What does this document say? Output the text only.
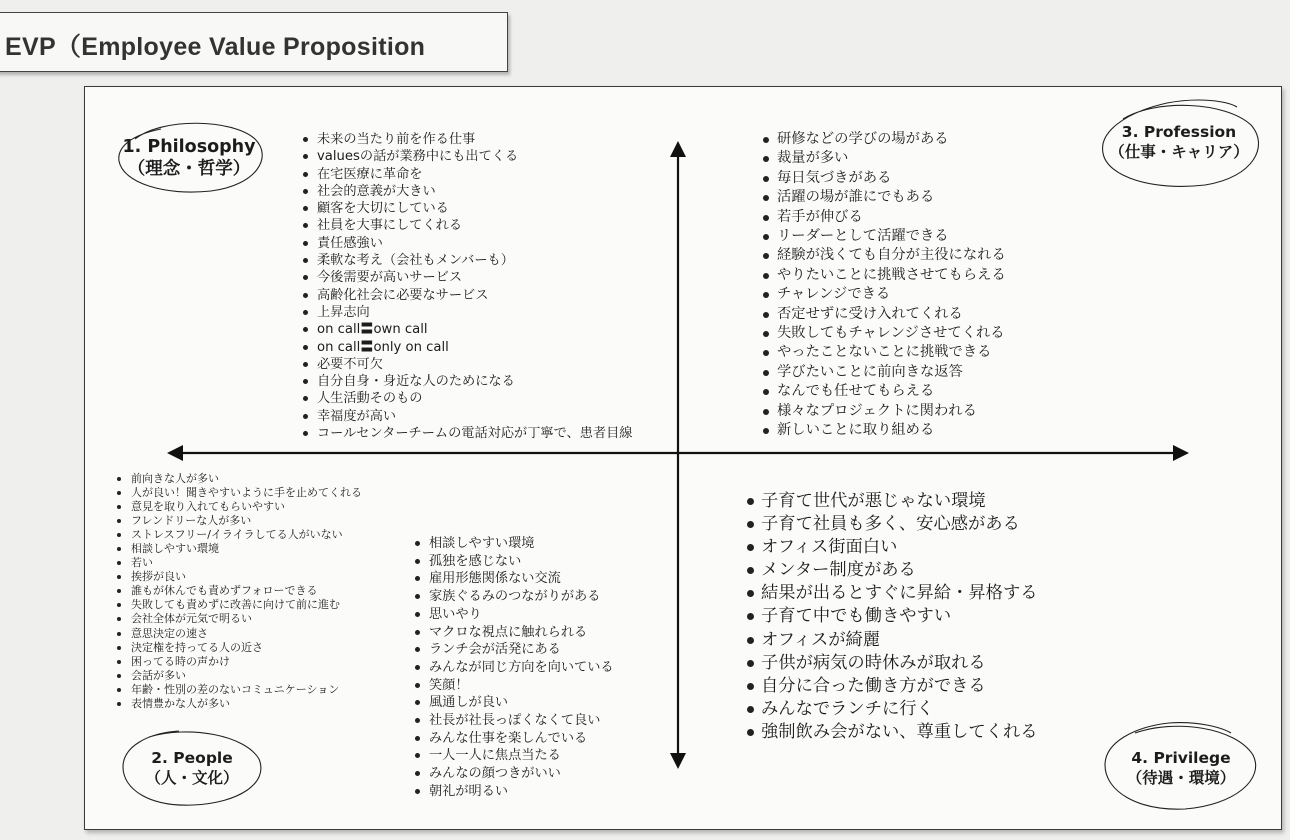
EVP（Employee Value Proposition
1. Philosophy
（理念・哲学）
未来の当たり前を作る仕事
valuesの話が業務中にも出てくる
在宅医療に革命を
社会的意義が大きい
顧客を大切にしている
社員を大事にしてくれる
責任感強い
柔軟な考え（会社もメンバーも）
今後需要が高いサービス
高齢化社会に必要なサービス
上昇志向
on call〓own call
on call〓only on call
必要不可欠
自分自身・身近な人のためになる
人生活動そのもの
幸福度が高い
コールセンターチームの電話対応が丁寧で、患者目線
3. Profession
（仕事・キャリア）
研修などの学びの場がある
裁量が多い
毎日気づきがある
活躍の場が誰にでもある
若手が伸びる
リーダーとして活躍できる
経験が浅くても自分が主役になれる
やりたいことに挑戦させてもらえる
チャレンジできる
否定せずに受け入れてくれる
失敗してもチャレンジさせてくれる
やったことないことに挑戦できる
学びたいことに前向きな返答
なんでも任せてもらえる
様々なプロジェクトに関われる
新しいことに取り組める
前向きな人が多い
人が良い！聞きやすいように手を止めてくれる
意見を取り入れてもらいやすい
フレンドリーな人が多い
ストレスフリー/イライラしてる人がいない
相談しやすい環境
若い
挨拶が良い
誰もが休んでも責めずフォローできる
失敗しても責めずに改善に向けて前に進む
会社全体が元気で明るい
意思決定の速さ
決定権を持ってる人の近さ
困ってる時の声かけ
会話が多い
年齢・性別の差のないコミュニケーション
表情豊かな人が多い
相談しやすい環境
孤独を感じない
雇用形態関係ない交流
家族ぐるみのつながりがある
思いやり
マクロな視点に触れられる
ランチ会が活発にある
みんなが同じ方向を向いている
笑顔！
風通しが良い
社長が社長っぽくなくて良い
みんな仕事を楽しんでいる
一人一人に焦点当たる
みんなの顔つきがいい
朝礼が明るい
2. People
（人・文化）
子育て世代が悪じゃない環境
子育て社員も多く、安心感がある
オフィス街面白い
メンター制度がある
結果が出るとすぐに昇給・昇格する
子育て中でも働きやすい
オフィスが綺麗
子供が病気の時休みが取れる
自分に合った働き方ができる
みんなでランチに行く
強制飲み会がない、尊重してくれる
4. Privilege
（待遇・環境）
